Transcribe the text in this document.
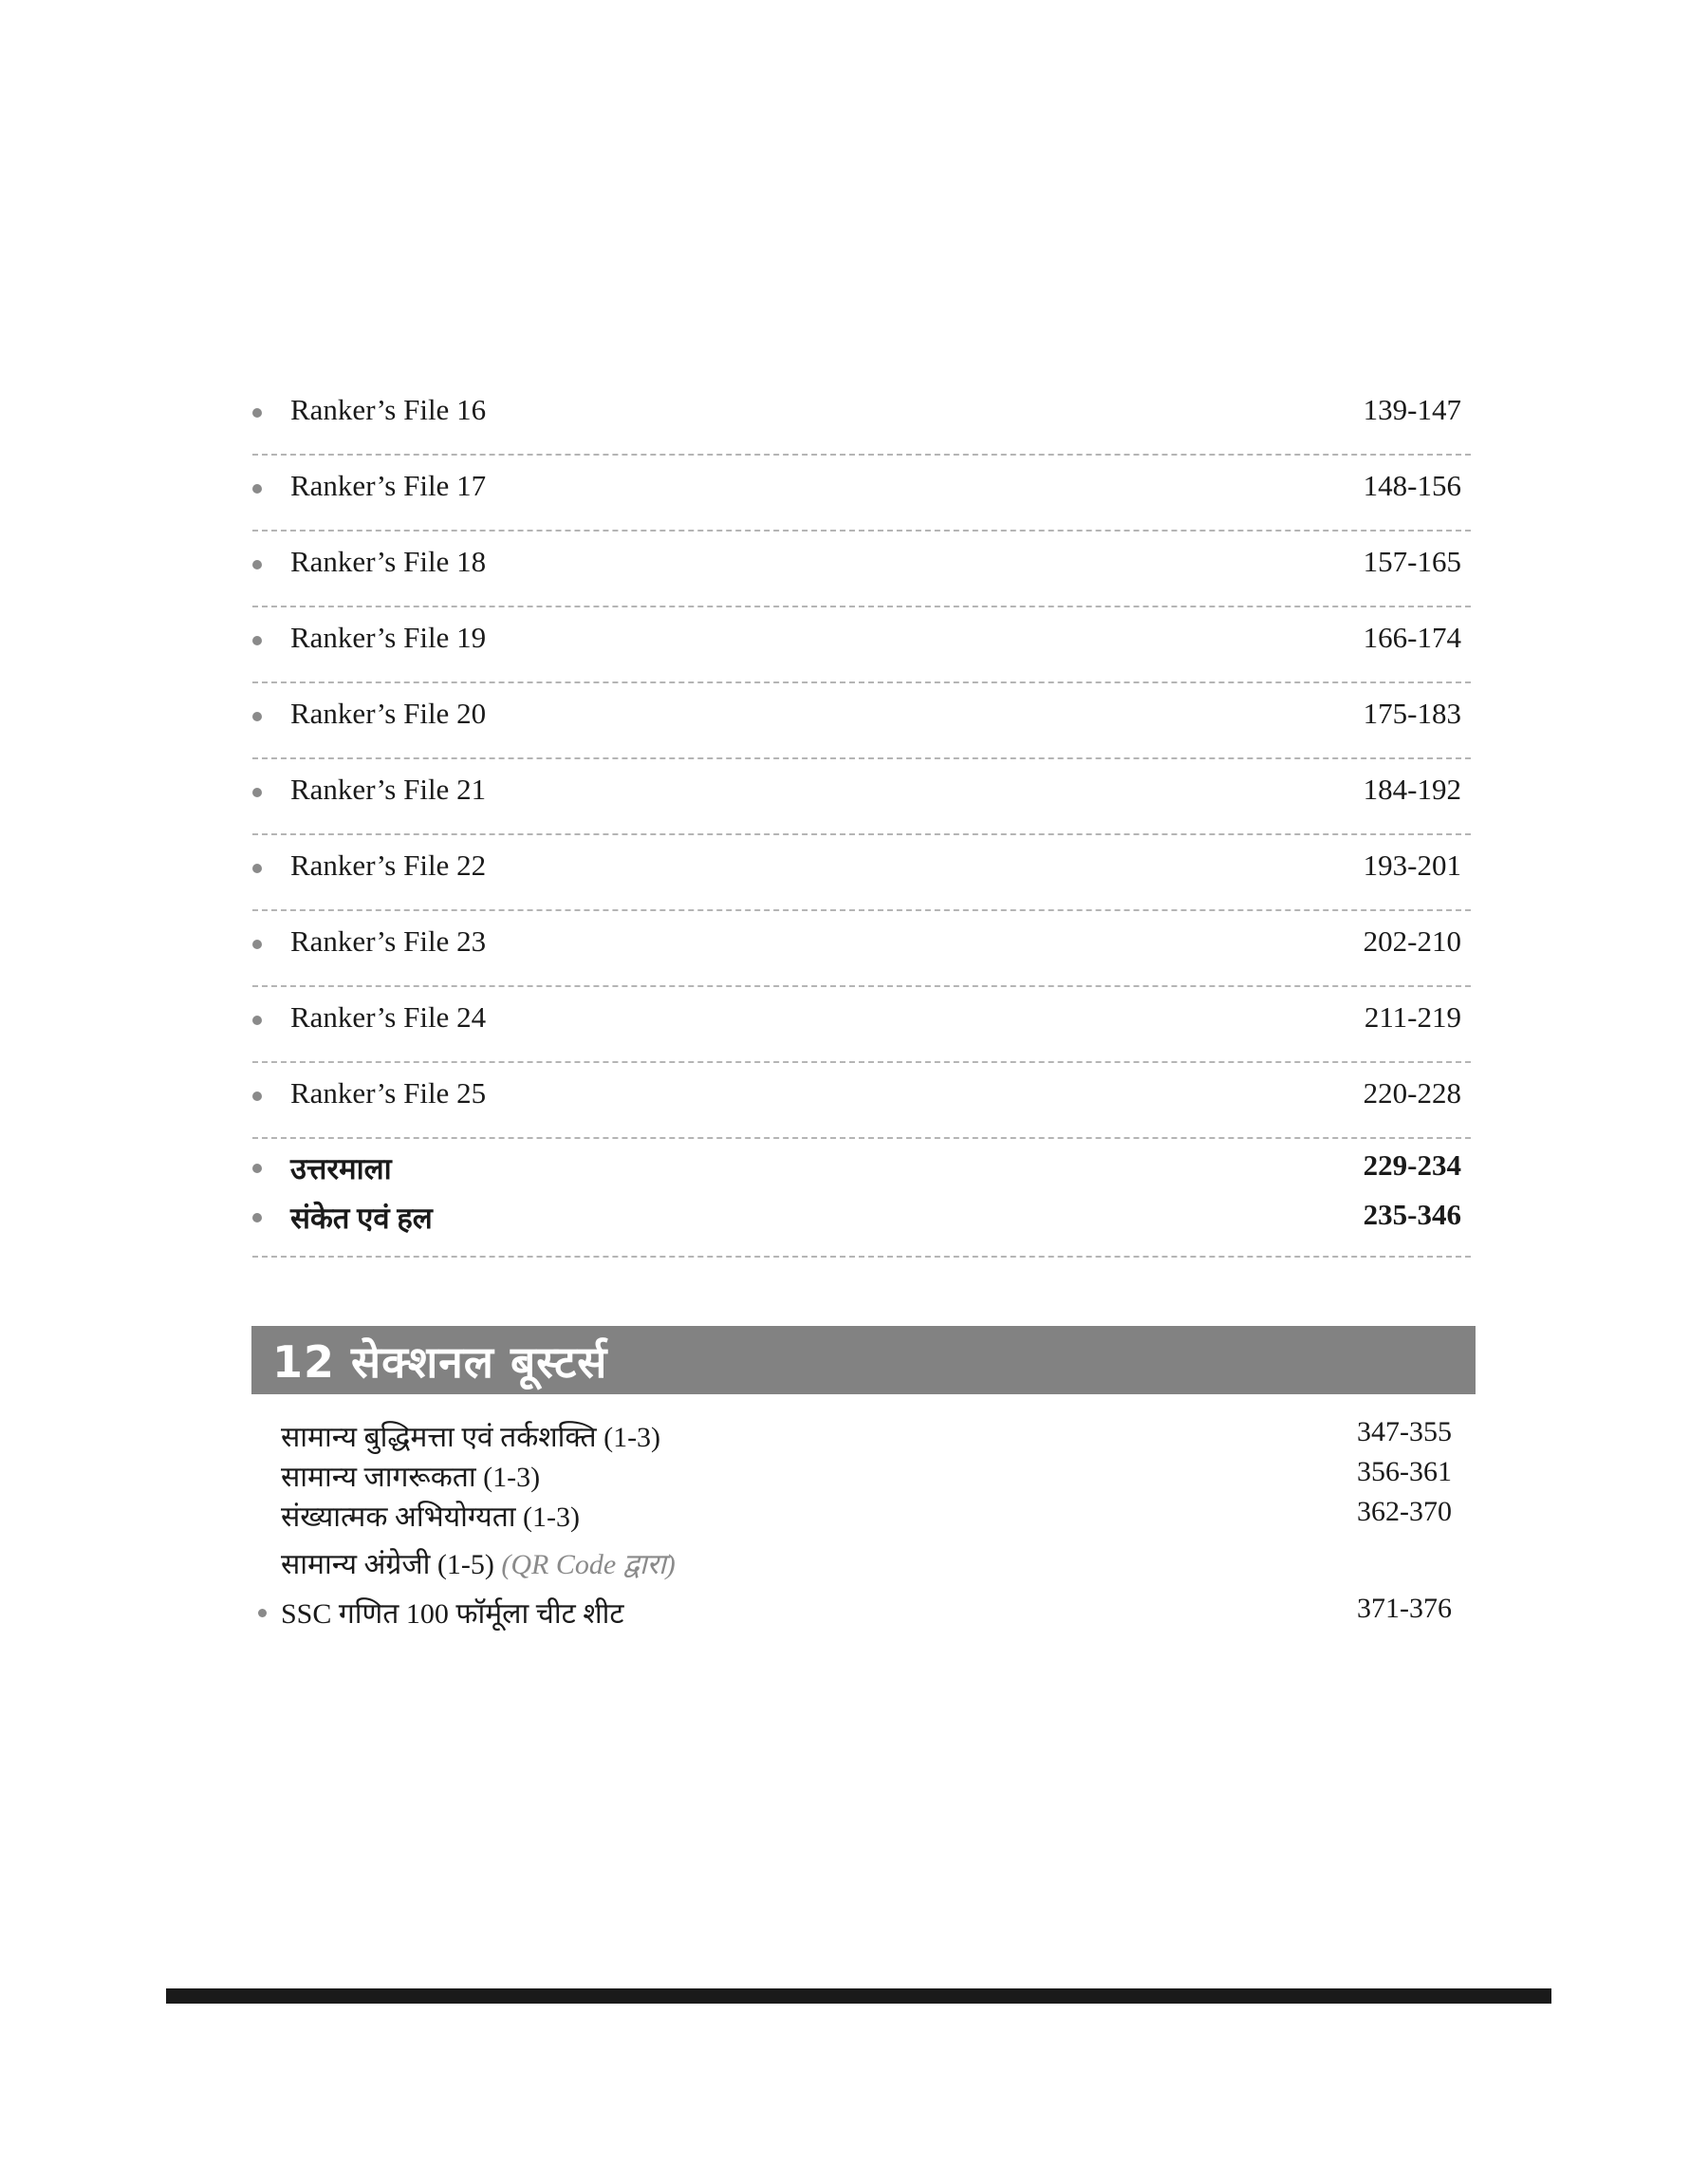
Ranker’s File 16	139-147
Ranker’s File 17	148-156
Ranker’s File 18	157-165
Ranker’s File 19	166-174
Ranker’s File 20	175-183
Ranker’s File 21	184-192
Ranker’s File 22	193-201
Ranker’s File 23	202-210
Ranker’s File 24	211-219
Ranker’s File 25	220-228
उत्तरमाला	229-234
संकेत एवं हल	235-346
12 सेक्शनल बूस्टर्स
सामान्य बुद्धिमत्ता एवं तर्कशक्ति (1-3)	347-355
सामान्य जागरूकता (1-3)	356-361
संख्यात्मक अभियोग्यता (1-3)	362-370
सामान्य अंग्रेजी (1-5) (QR Code द्वारा)
SSC गणित 100 फॉर्मूला चीट शीट	371-376
